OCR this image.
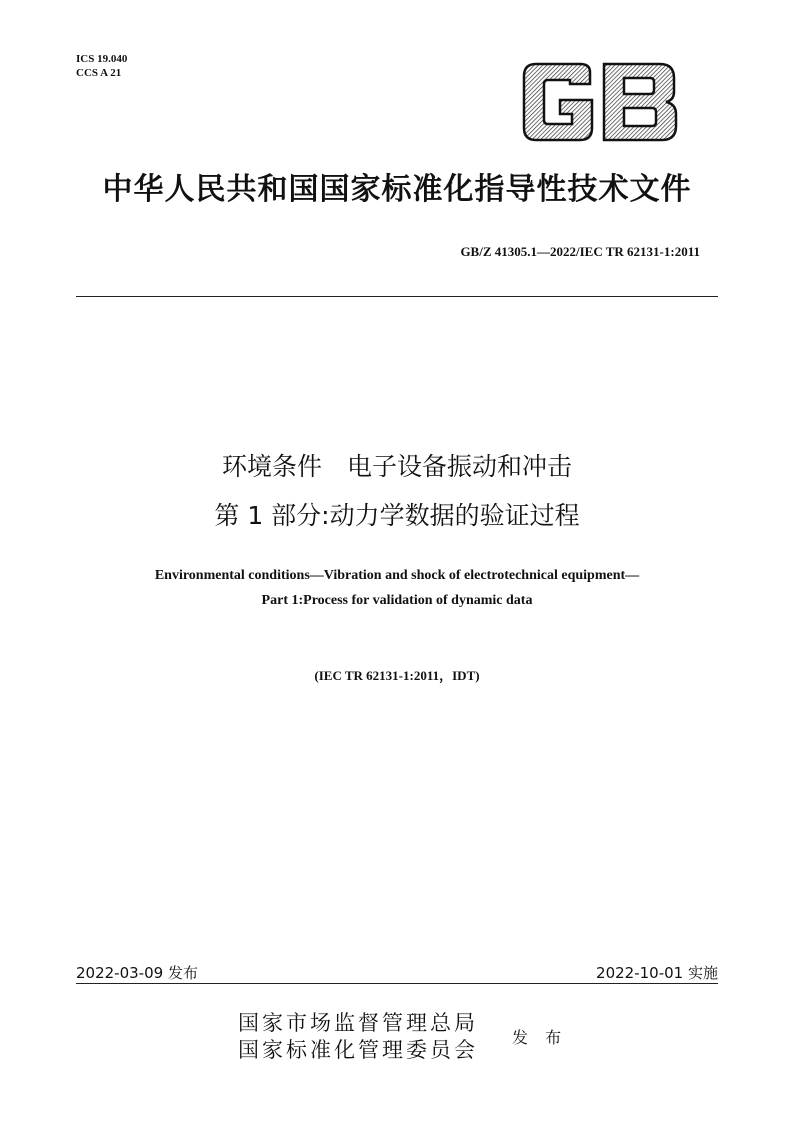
ICS 19.040
CCS A 21
中华人民共和国国家标准化指导性技术文件
GB/Z 41305.1—2022/IEC TR 62131-1:2011
环境条件　电子设备振动和冲击
第 1 部分:动力学数据的验证过程
Environmental conditions—Vibration and shock of electrotechnical equipment—
Part 1:Process for validation of dynamic data
(IEC TR 62131-1:2011，IDT)
2022-03-09 发布	2022-10-01 实施
国家市场监督管理总局
国家标准化管理委员会
发 布
